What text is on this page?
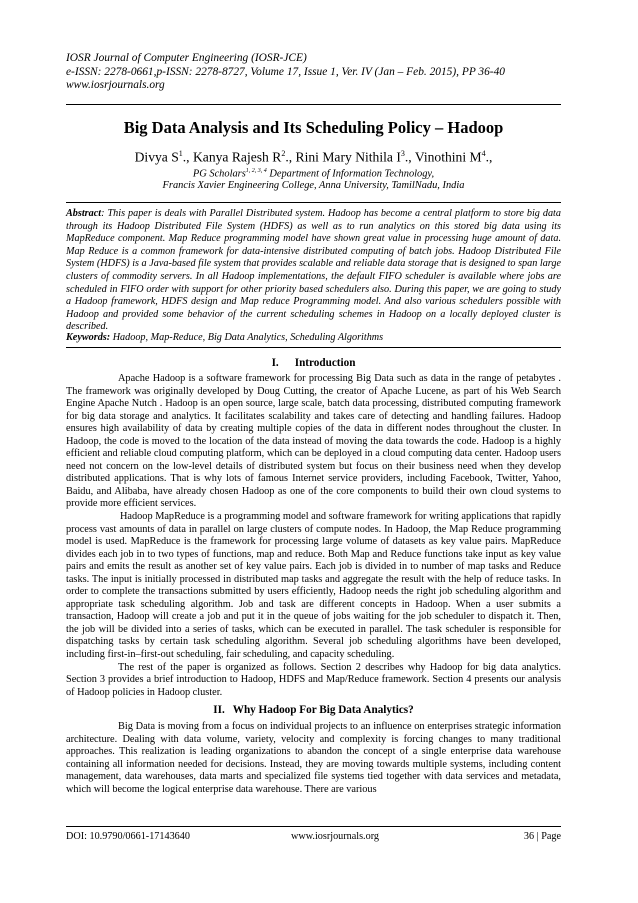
IOSR Journal of Computer Engineering (IOSR-JCE)
e-ISSN: 2278-0661,p-ISSN: 2278-8727, Volume 17, Issue 1, Ver. IV (Jan – Feb. 2015), PP 36-40
www.iosrjournals.org
Big Data Analysis and Its Scheduling Policy – Hadoop
Divya $S^1$., Kanya Rajesh $R^2$., Rini Mary Nithila $I^3$., Vinothini $M^4$.,
PG Scholars$^{1, 2, 3, 4}$ Department of Information Technology,
Francis Xavier Engineering College, Anna University, TamilNadu, India
Abstract: This paper is deals with Parallel Distributed system. Hadoop has become a central platform to store big data through its Hadoop Distributed File System (HDFS) as well as to run analytics on this stored big data using its MapReduce component. Map Reduce programming model have shown great value in processing huge amount of data. Map Reduce is a common framework for data-intensive distributed computing of batch jobs. Hadoop Distributed File System (HDFS) is a Java-based file system that provides scalable and reliable data storage that is designed to span large clusters of commodity servers. In all Hadoop implementations, the default FIFO scheduler is available where jobs are scheduled in FIFO order with support for other priority based schedulers also. During this paper, we are going to study a Hadoop framework, HDFS design and Map reduce Programming model. And also various schedulers possible with Hadoop and provided some behavior of the current scheduling schemes in Hadoop on a locally deployed cluster is described.
Keywords: Hadoop, Map-Reduce, Big Data Analytics, Scheduling Algorithms
I. Introduction

Apache Hadoop is a software framework for processing Big Data such as data in the range of petabytes . The framework was originally developed by Doug Cutting, the creator of Apache Lucene, as part of his Web Search Engine Apache Nutch . Hadoop is an open source, large scale, batch data processing, distributed computing framework for big data storage and analytics. It facilitates scalability and takes care of detecting and handling failures. Hadoop ensures high availability of data by creating multiple copies of the data in different nodes throughout the cluster. In Hadoop, the code is moved to the location of the data instead of moving the data towards the code. Hadoop is a highly efficient and reliable cloud computing platform, which can be deployed in a cloud computing data center. Hadoop users need not concern on the low-level details of distributed system but focus on their business need when they develop distributed applications. That is why lots of famous Internet service providers, including Facebook, Twitter, Yahoo, Baidu, and Alibaba, have already chosen Hadoop as one of the core components to build their own cloud systems to provide more efficient services.

Hadoop MapReduce is a programming model and software framework for writing applications that rapidly process vast amounts of data in parallel on large clusters of compute nodes. In Hadoop, the Map Reduce programming model is used. MapReduce is the framework for processing large volume of datasets as key value pairs. MapReduce divides each job in to two types of functions, map and reduce. Both Map and Reduce functions take input as key value pairs and emits the result as another set of key value pairs. Each job is divided in to number of map tasks and Reduce tasks. The input is initially processed in distributed map tasks and aggregate the result with the help of reduce tasks. In order to complete the transactions submitted by users efficiently, Hadoop needs the right job scheduling algorithm and appropriate task scheduling algorithm. Job and task are different concepts in Hadoop. When a user submits a transaction, Hadoop will create a job and put it in the queue of jobs waiting for the job scheduler to dispatch it. Then, the job will be divided into a series of tasks, which can be executed in parallel. The task scheduler is responsible for dispatching tasks by certain task scheduling algorithm. Several job scheduling algorithms have been developed, including first-in–first-out scheduling, fair scheduling, and capacity scheduling.

The rest of the paper is organized as follows. Section 2 describes why Hadoop for big data analytics. Section 3 provides a brief introduction to Hadoop, HDFS and Map/Reduce framework. Section 4 presents our analysis of Hadoop policies in Hadoop cluster.

II. Why Hadoop For Big Data Analytics?

Big Data is moving from a focus on individual projects to an influence on enterprises strategic information architecture. Dealing with data volume, variety, velocity and complexity is forcing changes to many traditional approaches. This realization is leading organizations to abandon the concept of a single enterprise data warehouse containing all information needed for decisions. Instead, they are moving towards multiple systems, including content management, data warehouses, data marts and specialized file systems tied together with data services and metadata, which will become the logical enterprise data warehouse. There are various

DOI: 10.9790/0661-17143640	www.iosrjournals.org	36 | Page
